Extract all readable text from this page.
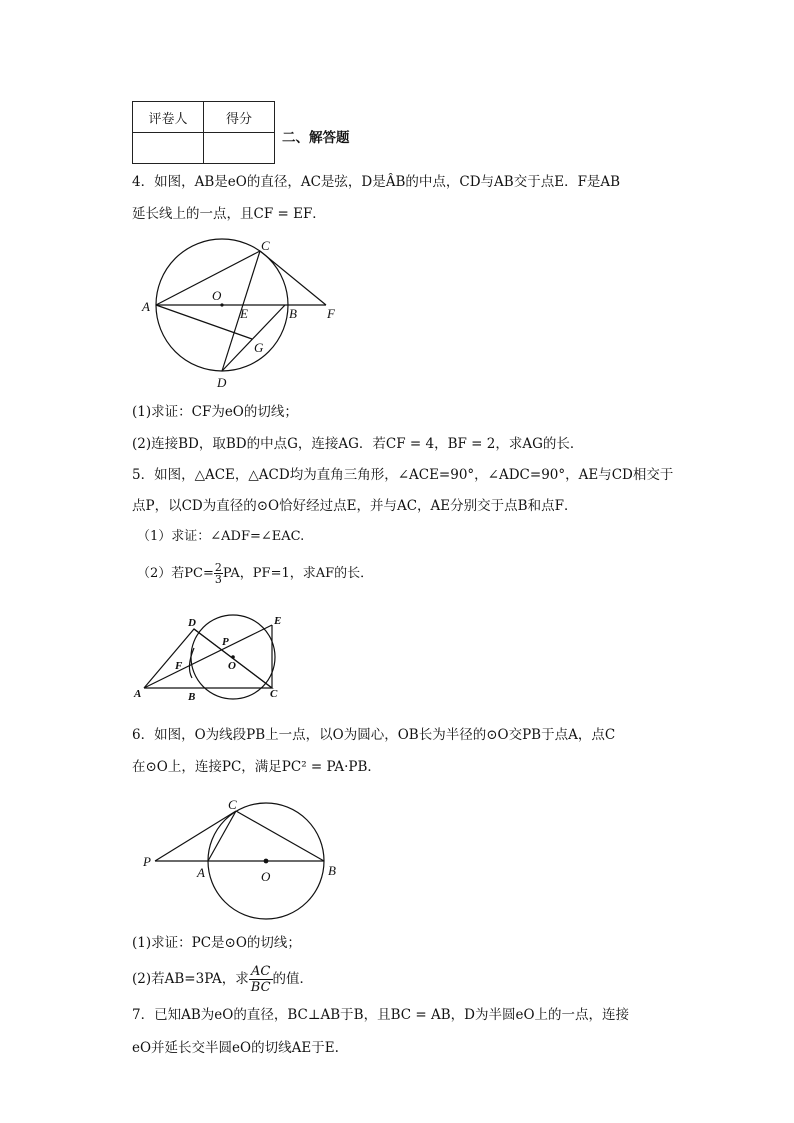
评卷人	得分

二、解答题
4．如图，AB是eO的直径，AC是弦，D是ÂB的中点，CD与AB交于点E．F是AB
延长线上的一点，且CF = EF．
A
C
O
E	B F
G
D
(1)求证：CF为eO的切线；
(2)连接BD，取BD的中点G，连接AG．若CF = 4，BF = 2，求AG的长．
5．如图，△ACE，△ACD均为直角三角形，∠ACE=90°，∠ADC=90°，AE与CD相交于
点P，以CD为直径的⊙O恰好经过点E，并与AC，AE分别交于点B和点F．
（1）求证：∠ADF=∠EAC.
（2）若$PC= \frac{2}{3}$ PA，PF=1，求AF的长．
A	B	C
D	E
F
P
O
6．如图，O为线段PB上一点，以O为圆心，OB长为半径的⊙O交PB于点A，点C
在⊙O上，连接PC，满足PC² = PA·PB．
P
A	O	B
C
(1)求证：PC是⊙O的切线；
(2)若AB=3PA，求 $\frac{AC}{BC}$ 的值．
7．已知AB为eO的直径，BC⊥AB于B，且BC = AB，D为半圆eO上的一点，连接
eO并延长交半圆eO的切线AE于E.
